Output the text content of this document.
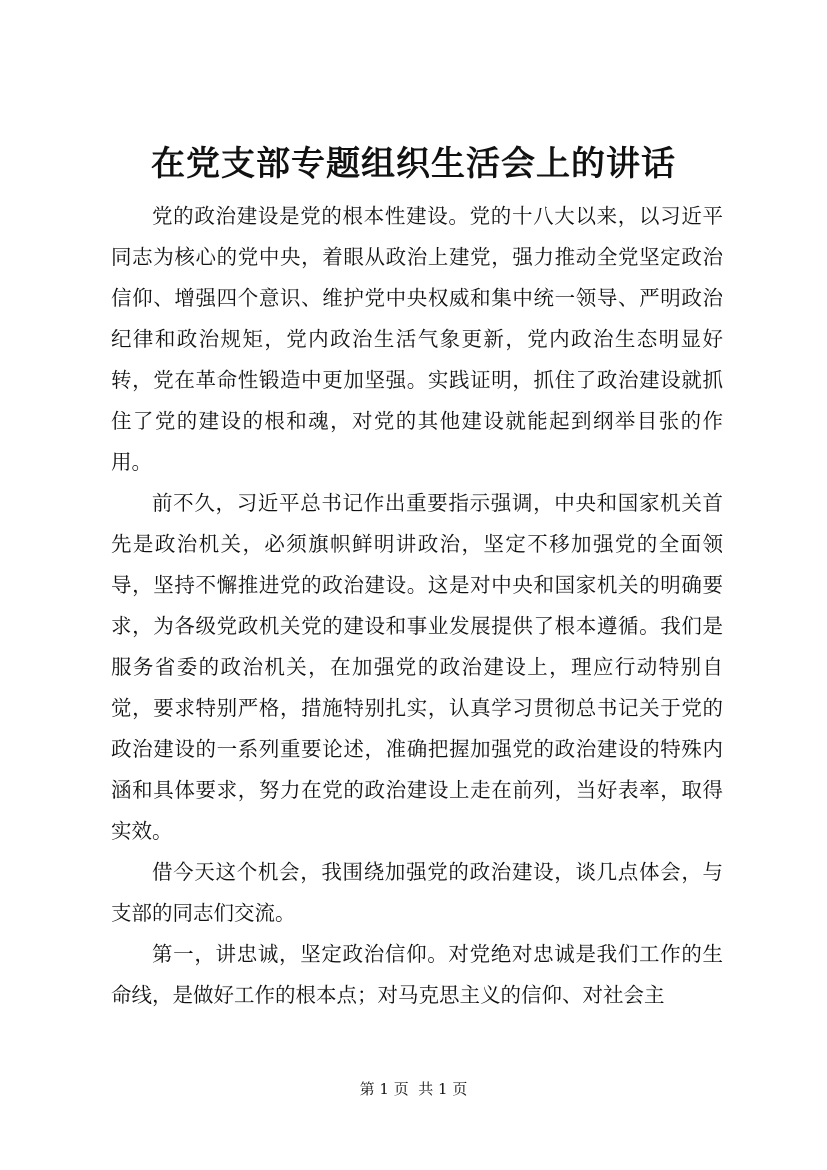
在党支部专题组织生活会上的讲话

党的政治建设是党的根本性建设。党的十八大以来，以习近平同志为核心的党中央，着眼从政治上建党，强力推动全党坚定政治信仰、增强四个意识、维护党中央权威和集中统一领导、严明政治纪律和政治规矩，党内政治生活气象更新，党内政治生态明显好转，党在革命性锻造中更加坚强。实践证明，抓住了政治建设就抓住了党的建设的根和魂，对党的其他建设就能起到纲举目张的作用。

前不久，习近平总书记作出重要指示强调，中央和国家机关首先是政治机关，必须旗帜鲜明讲政治，坚定不移加强党的全面领导，坚持不懈推进党的政治建设。这是对中央和国家机关的明确要求，为各级党政机关党的建设和事业发展提供了根本遵循。我们是服务省委的政治机关，在加强党的政治建设上，理应行动特别自觉，要求特别严格，措施特别扎实，认真学习贯彻总书记关于党的政治建设的一系列重要论述，准确把握加强党的政治建设的特殊内涵和具体要求，努力在党的政治建设上走在前列，当好表率，取得实效。

借今天这个机会，我围绕加强党的政治建设，谈几点体会，与支部的同志们交流。

第一，讲忠诚，坚定政治信仰。对党绝对忠诚是我们工作的生命线，是做好工作的根本点；对马克思主义的信仰、对社会主

第 1 页  共 1 页
